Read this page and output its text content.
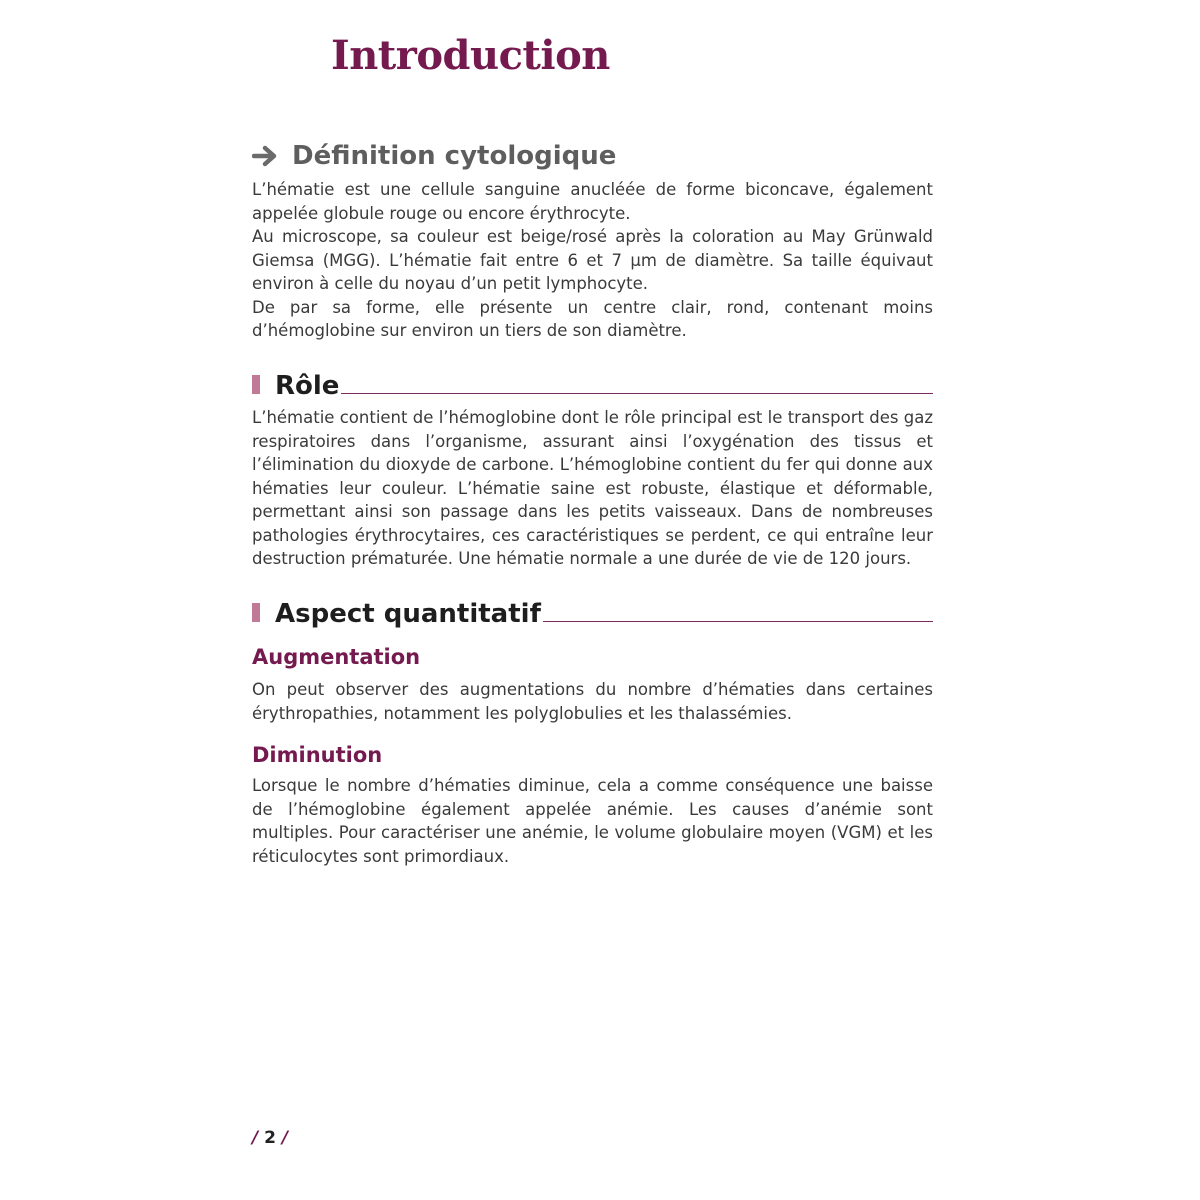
Introduction
Définition cytologique

L’hématie est une cellule sanguine anucléée de forme biconcave, également appelée globule rouge ou encore érythrocyte.

Au microscope, sa couleur est beige/rosé après la coloration au May Grünwald Giemsa (MGG). L’hématie fait entre 6 et 7 µm de diamètre. Sa taille équivaut environ à celle du noyau d’un petit lymphocyte.

De par sa forme, elle présente un centre clair, rond, contenant moins d’hémoglobine sur environ un tiers de son diamètre.

Rôle

L’hématie contient de l’hémoglobine dont le rôle principal est le transport des gaz respiratoires dans l’organisme, assurant ainsi l’oxygénation des tissus et l’élimination du dioxyde de carbone. L’hémoglobine contient du fer qui donne aux hématies leur couleur. L’hématie saine est robuste, élastique et déformable, permettant ainsi son passage dans les petits vaisseaux. Dans de nombreuses pathologies érythrocytaires, ces caractéristiques se perdent, ce qui entraîne leur destruction prématurée. Une hématie normale a une durée de vie de 120 jours.

Aspect quantitatif
Augmentation

On peut observer des augmentations du nombre d’hématies dans certaines érythropathies, notamment les polyglobulies et les thalassémies.

Diminution

Lorsque le nombre d’hématies diminue, cela a comme conséquence une baisse de l’hémoglobine également appelée anémie. Les causes d’anémie sont multiples. Pour caractériser une anémie, le volume globulaire moyen (VGM) et les réticulocytes sont primordiaux.

/ 2 /
